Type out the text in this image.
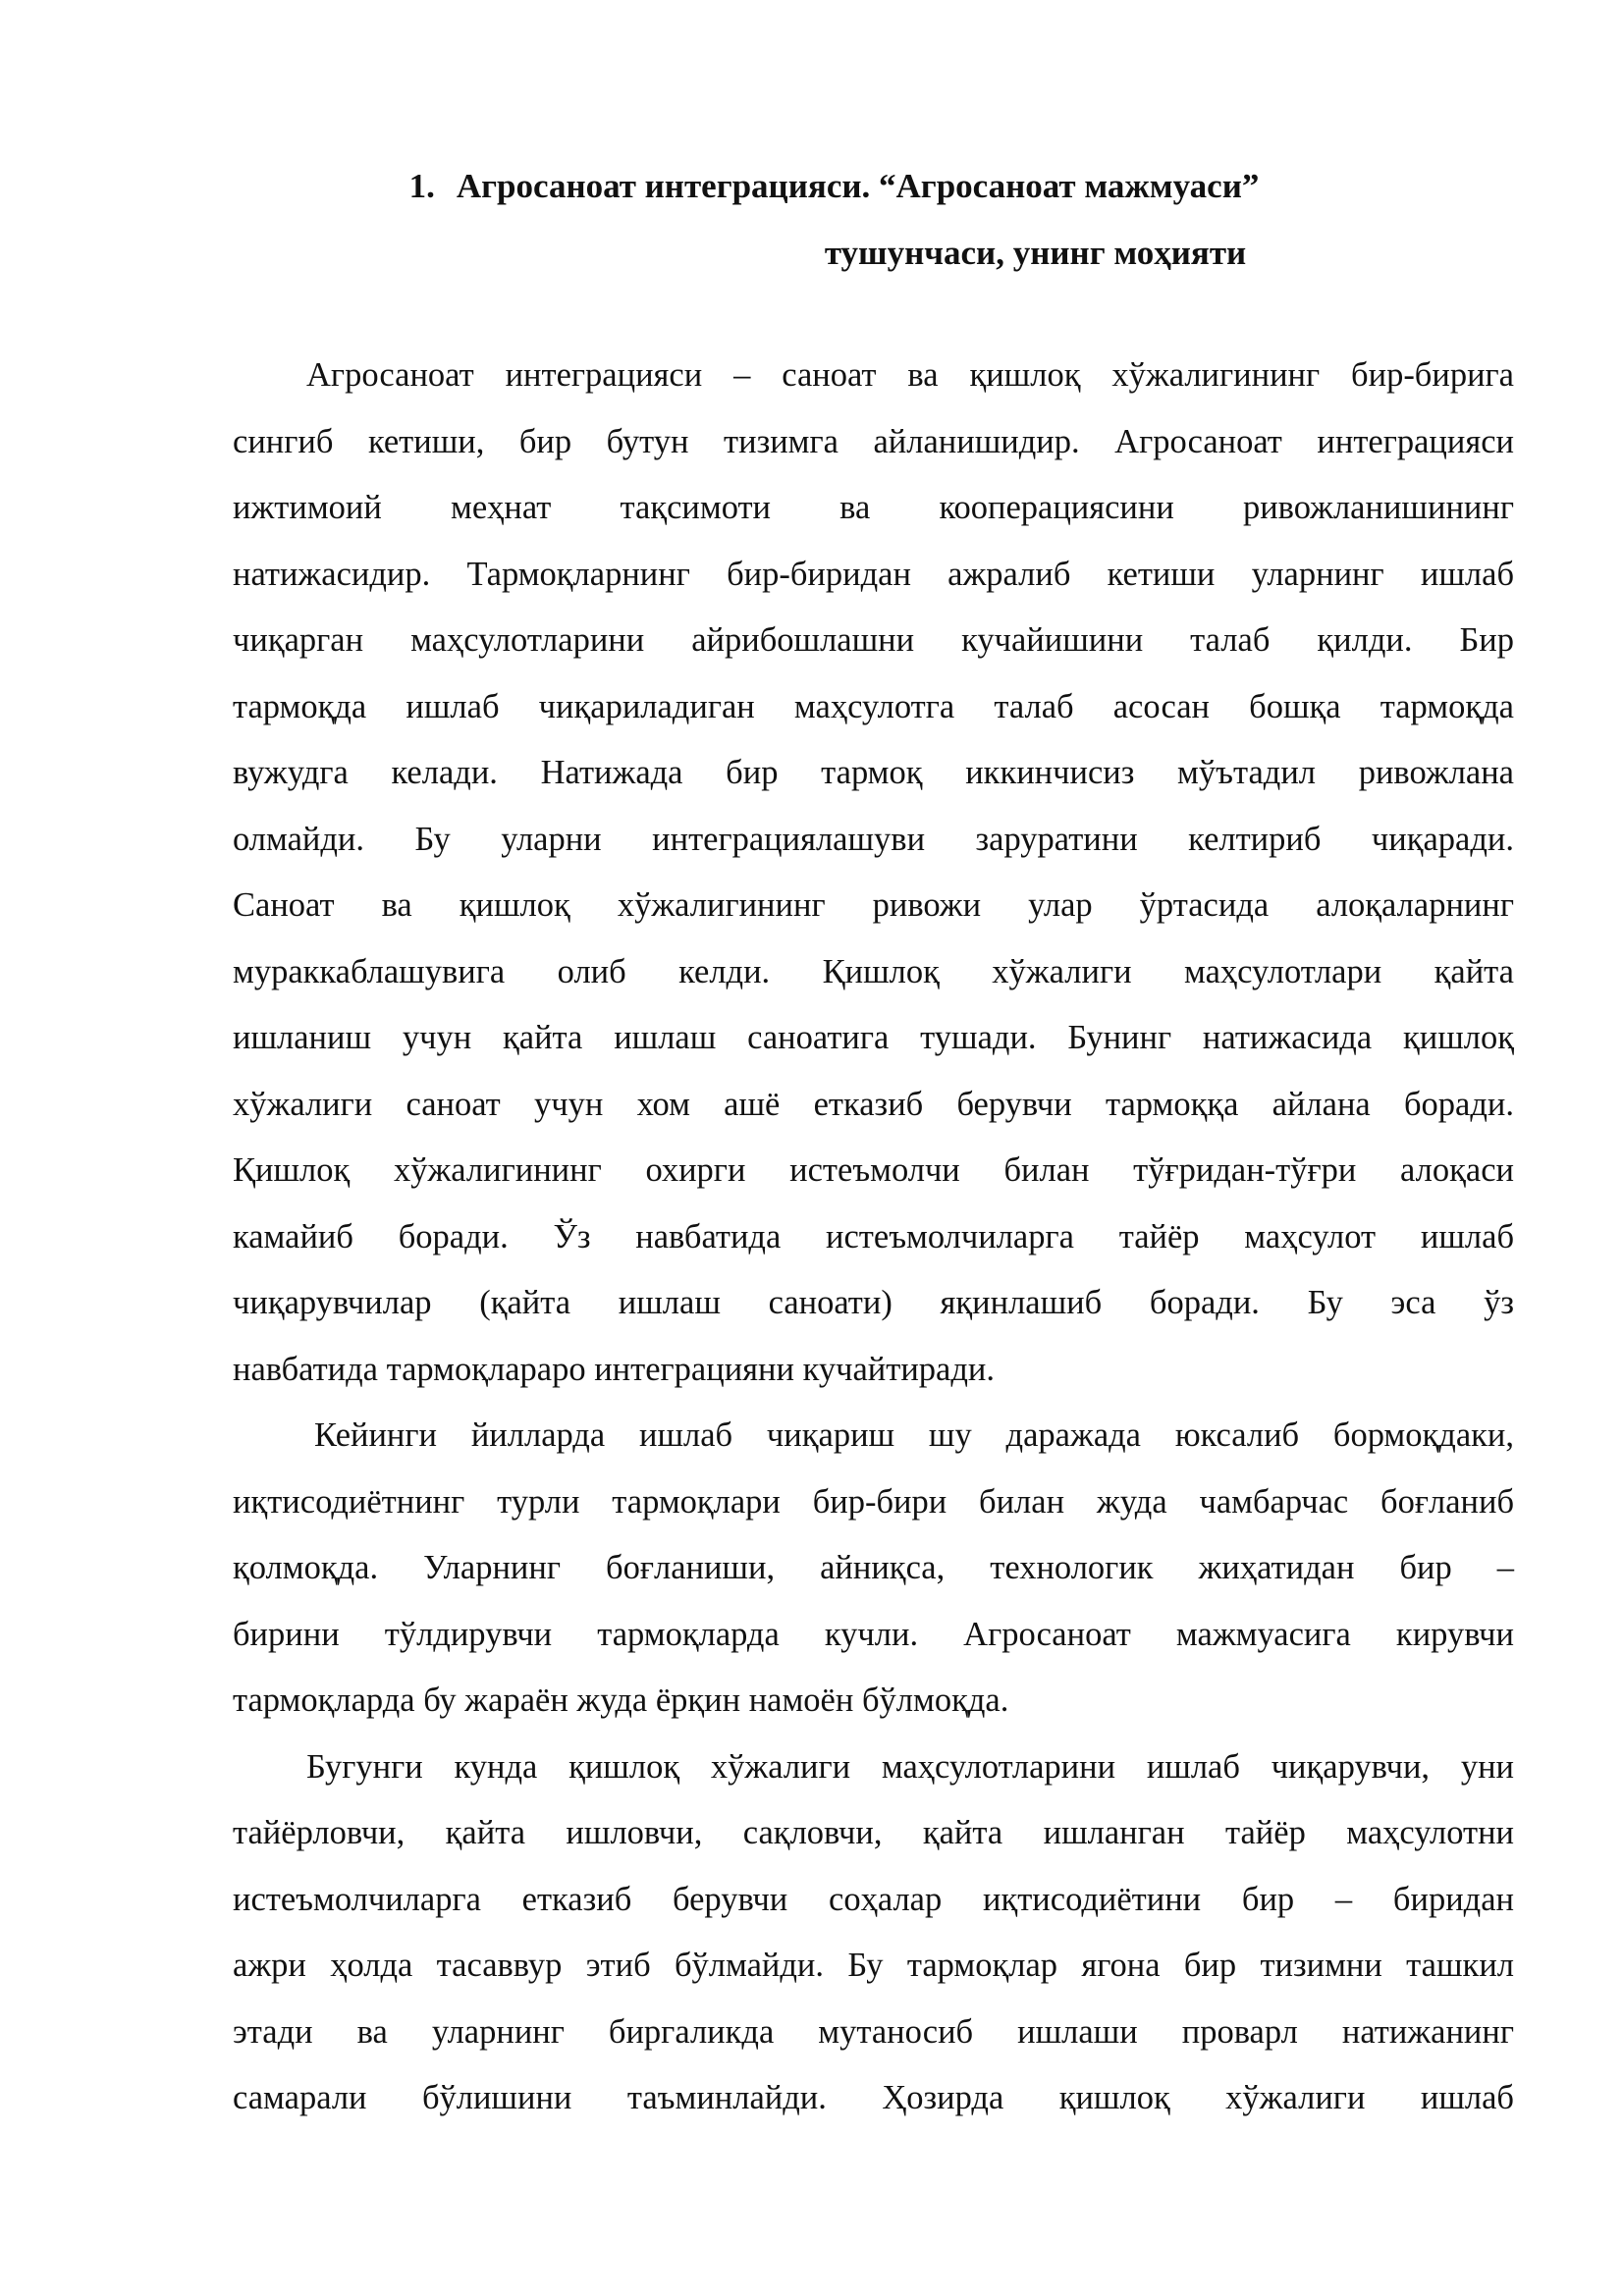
1. Агросаноат интеграцияси. “Агросаноат мажмуаси”
тушунчаси, унинг моҳияти
Агросаноат интеграцияси – саноат ва қишлоқ хўжалигининг бир-бирига
сингиб кетиши, бир бутун тизимга айланишидир. Агросаноат интеграцияси
ижтимоий меҳнат тақсимоти ва кооперациясини ривожланишининг
натижасидир. Тармоқларнинг бир-биридан ажралиб кетиши уларнинг ишлаб
чиқарган маҳсулотларини айрибошлашни кучайишини талаб қилди. Бир
тармоқда ишлаб чиқариладиган маҳсулотга талаб асосан бошқа тармоқда
вужудга келади. Натижада бир тармоқ иккинчисиз мўътадил ривожлана
олмайди. Бу уларни интеграциялашуви заруратини келтириб чиқаради.
Саноат ва қишлоқ хўжалигининг ривожи улар ўртасида алоқаларнинг
мураккаблашувига олиб келди. Қишлоқ хўжалиги маҳсулотлари қайта
ишланиш учун қайта ишлаш саноатига тушади. Бунинг натижасида қишлоқ
хўжалиги саноат учун хом ашё етказиб берувчи тармоққа айлана боради.
Қишлоқ хўжалигининг охирги истеъмолчи билан тўғридан-тўғри алоқаси
камайиб боради. Ўз навбатида истеъмолчиларга тайёр маҳсулот ишлаб
чиқарувчилар (қайта ишлаш саноати) яқинлашиб боради. Бу эса ўз
навбатида тармоқлараро интеграцияни кучайтиради.
Кейинги йилларда ишлаб чиқариш шу даражада юксалиб бормоқдаки,
иқтисодиётнинг турли тармоқлари бир-бири билан жуда чамбарчас боғланиб
қолмоқда. Уларнинг боғланиши, айниқса, технологик жиҳатидан бир –
бирини тўлдирувчи тармоқларда кучли. Агросаноат мажмуасига кирувчи
тармоқларда бу жараён жуда ёрқин намоён бўлмоқда.
Бугунги кунда қишлоқ хўжалиги маҳсулотларини ишлаб чиқарувчи, уни
тайёрловчи, қайта ишловчи, сақловчи, қайта ишланган тайёр маҳсулотни
истеъмолчиларга етказиб берувчи соҳалар иқтисодиётини бир – биридан
ажри ҳолда тасаввур этиб бўлмайди. Бу тармоқлар ягона бир тизимни ташкил
этади ва уларнинг биргаликда мутаносиб ишлаши проварл натижанинг
самарали бўлишини таъминлайди. Ҳозирда қишлоқ хўжалиги ишлаб
